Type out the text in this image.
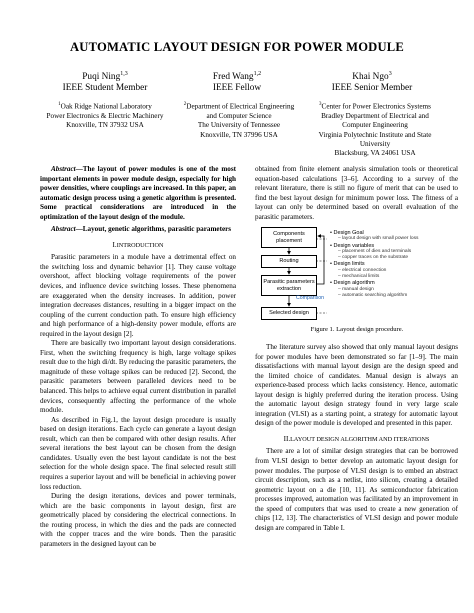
AUTOMATIC LAYOUT DESIGN FOR POWER MODULE
Puqi Ning$^{1,3}$
IEEE Student Member
$^1$Oak Ridge National Laboratory
Power Electronics & Electric Machinery
Knoxville, TN 37932 USA
Fred Wang$^{1,2}$
IEEE Fellow
$^2$Department of Electrical Engineering
and Computer Science
The University of Tennessee
Knoxville, TN 37996 USA
Khai Ngo$^3$
IEEE Senior Member
$^3$Center for Power Electronics Systems
Bradley Department of Electrical and
Computer Engineering
Virginia Polytechnic Institute and State
University
Blacksburg, VA 24061 USA

Abstract—The layout of power modules is one of the most important elements in power module design, especially for high power densities, where couplings are increased. In this paper, an automatic design process using a genetic algorithm is presented. Some practical considerations are introduced in the optimization of the layout design of the module.

Abstract—Layout, genetic algorithms, parasitic parameters

I.INTRODUCTION

Parasitic parameters in a module have a detrimental effect on the switching loss and dynamic behavior [1]. They cause voltage overshoot, affect blocking voltage requirements of the power devices, and influence device switching losses. These phenomena are exaggerated when the density increases. In addition, power integration decreases distances, resulting in a bigger impact on the coupling of the current conduction path. To ensure high efficiency and high performance of a high-density power module, efforts are required in the layout design [2].

There are basically two important layout design considerations. First, when the switching frequency is high, large voltage spikes result due to the high di/dt. By reducing the parasitic parameters, the magnitude of these voltage spikes can be reduced [2]. Second, the parasitic parameters between paralleled devices need to be balanced. This helps to achieve equal current distribution in parallel devices, consequently affecting the performance of the whole module.

As described in Fig.1, the layout design procedure is usually based on design iterations. Each cycle can generate a layout design result, which can then be compared with other design results. After several iterations the best layout can be chosen from the design candidates. Usually even the best layout candidate is not the best selection for the whole design space. The final selected result still requires a superior layout and will be beneficial in achieving power loss reduction.

During the design iterations, devices and power terminals, which are the basic components in layout design, first are geometrically placed by considering the electrical connections. In the routing process, in which the dies and the pads are connected with the copper traces and the wire bonds. Then the parasitic parameters in the designed layout can be

obtained from finite element analysis simulation tools or theoretical equation-based calculations [3–6]. According to a survey of the relevant literature, there is still no figure of merit that can be used to find the best layout design for minimum power loss. The fitness of a layout can only be determined based on overall evaluation of the parasitic parameters.

Components placement
Routing
Parasitic parameters extraction
Selected design
Comparison
• Design Goal
– layout design with small power loss
• Design variables
– placement of dies and terminals
– copper traces on the substrate
• Design limits
– electrical connection
– mechanical limits
• Design algorithm
– manual design
– automatic searching algorithm
Figure 1. Layout design procedure.

The literature survey also showed that only manual layout designs for power modules have been demonstrated so far [1–9]. The main dissatisfactions with manual layout design are the design speed and the limited choice of candidates. Manual design is always an experience-based process which lacks consistency. Hence, automatic layout design is highly preferred during the iteration process. Using the automatic layout design strategy found in very large scale integration (VLSI) as a starting point, a strategy for automatic layout design of the power module is developed and presented in this paper.

II.LAYOUT DESIGN ALGORITHM AND ITERATIONS

There are a lot of similar design strategies that can be borrowed from VLSI design to better develop an automatic layout design for power modules. The purpose of VLSI design is to embed an abstract circuit description, such as a netlist, into silicon, creating a detailed geometric layout on a die [10, 11]. As semiconductor fabrication processes improved, automation was facilitated by an improvement in the speed of computers that was used to create a new generation of chips [12, 13]. The characteristics of VLSI design and power module design are compared in Table I.
